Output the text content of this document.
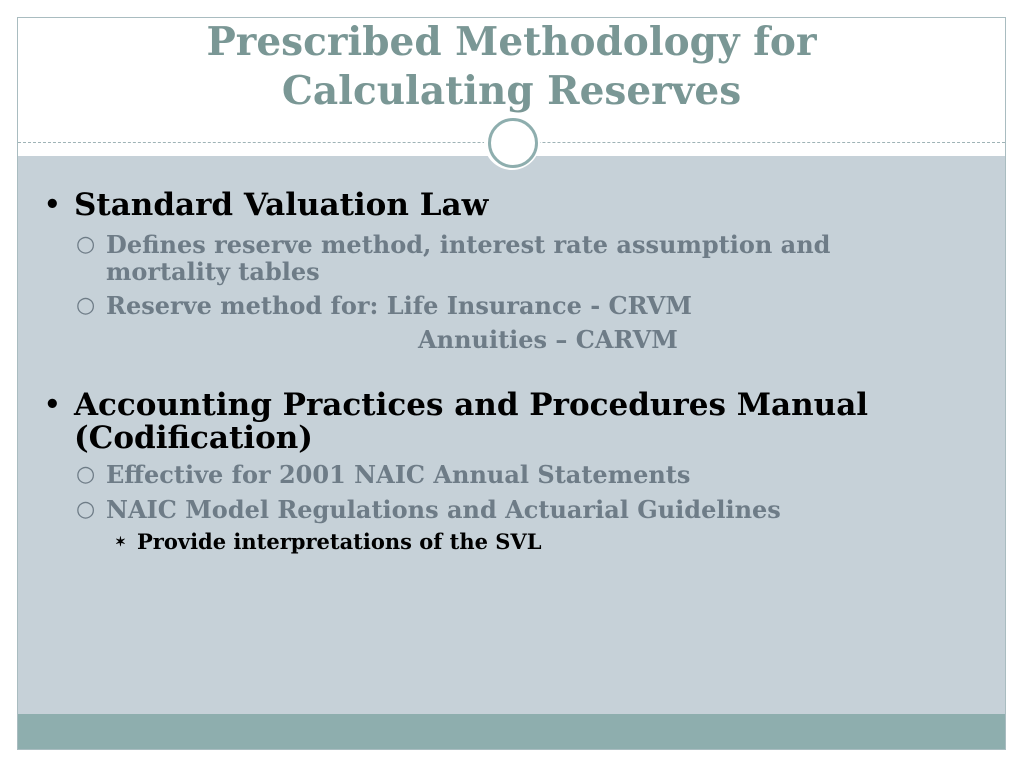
Prescribed Methodology for
Calculating Reserves
• Standard Valuation Law
○ Defines reserve method, interest rate assumption and
mortality tables
○ Reserve method for: Life Insurance - CRVM
Annuities – CARVM
• Accounting Practices and Procedures Manual
(Codification)
○ Effective for 2001 NAIC Annual Statements
○ NAIC Model Regulations and Actuarial Guidelines
✶ Provide interpretations of the SVL
